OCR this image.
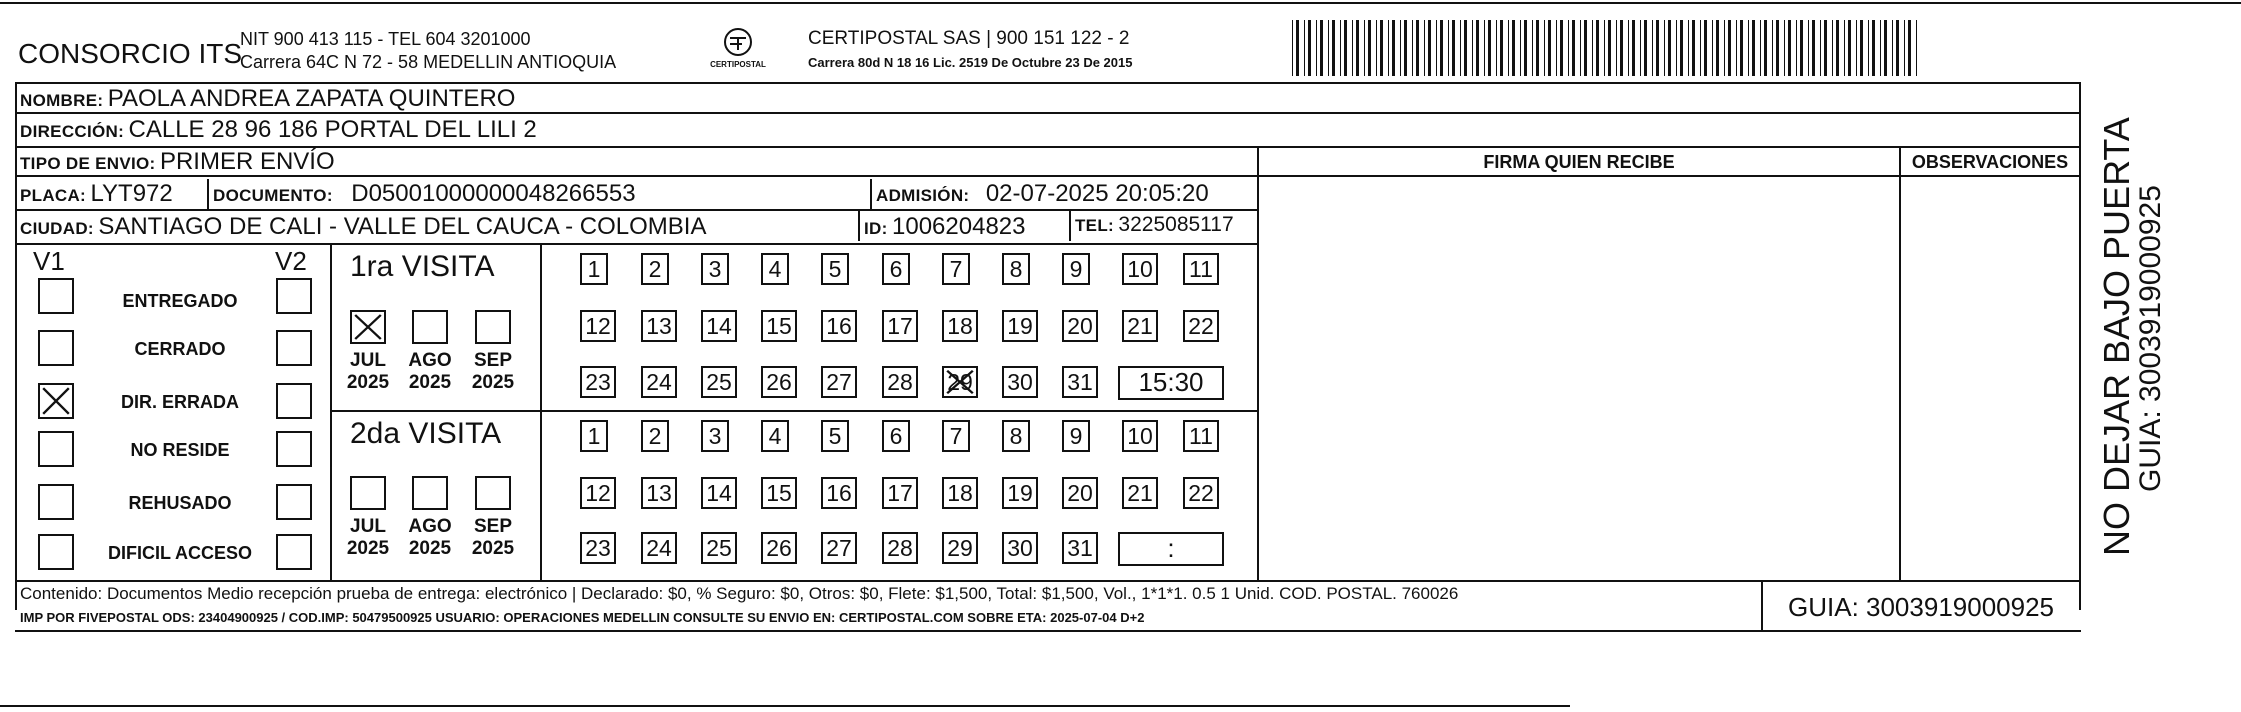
CONSORCIO ITS
NIT 900 413 115 - TEL 604 3201000
Carrera 64C N 72 - 58 MEDELLIN ANTIOQUIA	CERTIPOSTAL
CERTIPOSTAL SAS | 900 151 122 - 2
Carrera 80d N 18 16 Lic. 2519 De Octubre 23 De 2015
NOMBRE: PAOLA ANDREA ZAPATA QUINTERO
DIRECCIÓN: CALLE 28 96 186 PORTAL DEL LILI 2
TIPO DE ENVIO: PRIMER ENVÍO	FIRMA QUIEN RECIBE	OBSERVACIONES
PLACA: LYT972 DOCUMENTO: D05001000000048266553	ADMISIÓN: 02-07-2025 20:05:20
CIUDAD: SANTIAGO DE CALI - VALLE DEL CAUCA - COLOMBIA	ID: 1006204823	TEL: 3225085117
V1	V2
ENTREGADO
CERRADO
DIR. ERRADA
NO RESIDE
REHUSADO
DIFICIL ACCESO
1ra VISITA
2da VISITA
JUL
2025
AGO
2025
SEP
2025
JUL
2025
AGO
2025
SEP
2025
1	2	3	4	5	6	7	8	9	10 11
12 13 14 15 16 17 18 19 20 21 22
23 24 25 26 27 28 29 30 31	15:30
1	2	3	4	5	6	7	8	9	10 11
12 13 14 15 16 17 18 19 20 21 22
23 24 25 26 27 28 29 30 31	:
Contenido: Documentos Medio recepción prueba de entrega: electrónico | Declarado: $0, % Seguro: $0, Otros: $0, Flete: $1,500, Total: $1,500, Vol., 1*1*1. 0.5 1 Unid. COD. POSTAL. 760026
IMP POR FIVEPOSTAL ODS: 23404900925 / COD.IMP: 50479500925 USUARIO: OPERACIONES MEDELLIN CONSULTE SU ENVIO EN: CERTIPOSTAL.COM SOBRE ETA: 2025-07-04 D+2	GUIA: 3003919000925
NO DEJAR BAJO PUERTA
GUIA: 3003919000925
